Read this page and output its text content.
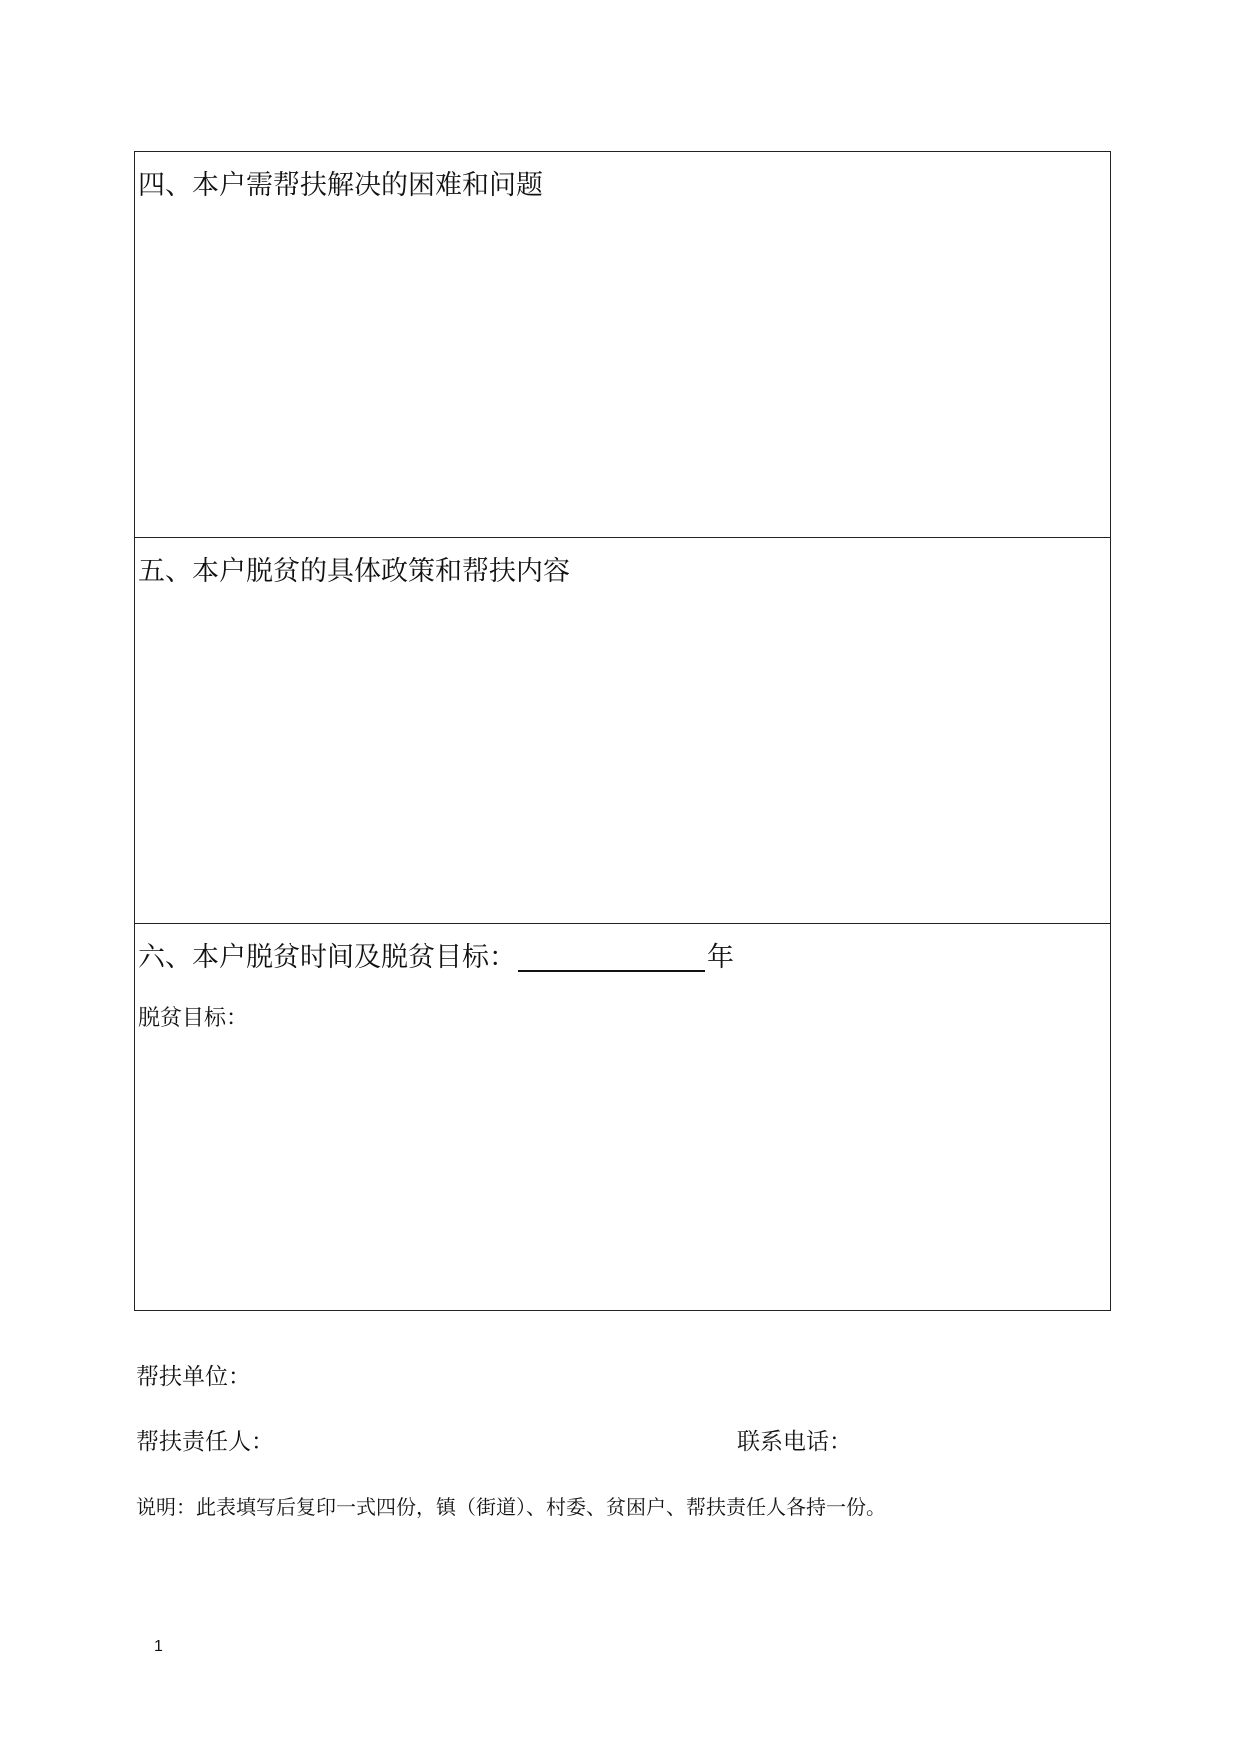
四、本户需帮扶解决的困难和问题
五、本户脱贫的具体政策和帮扶内容
六、本户脱贫时间及脱贫目标：	年
脱贫目标：
帮扶单位：
帮扶责任人：	联系电话：
说明：此表填写后复印一式四份，镇（街道）、村委、贫困户、帮扶责任人各持一份。
1
